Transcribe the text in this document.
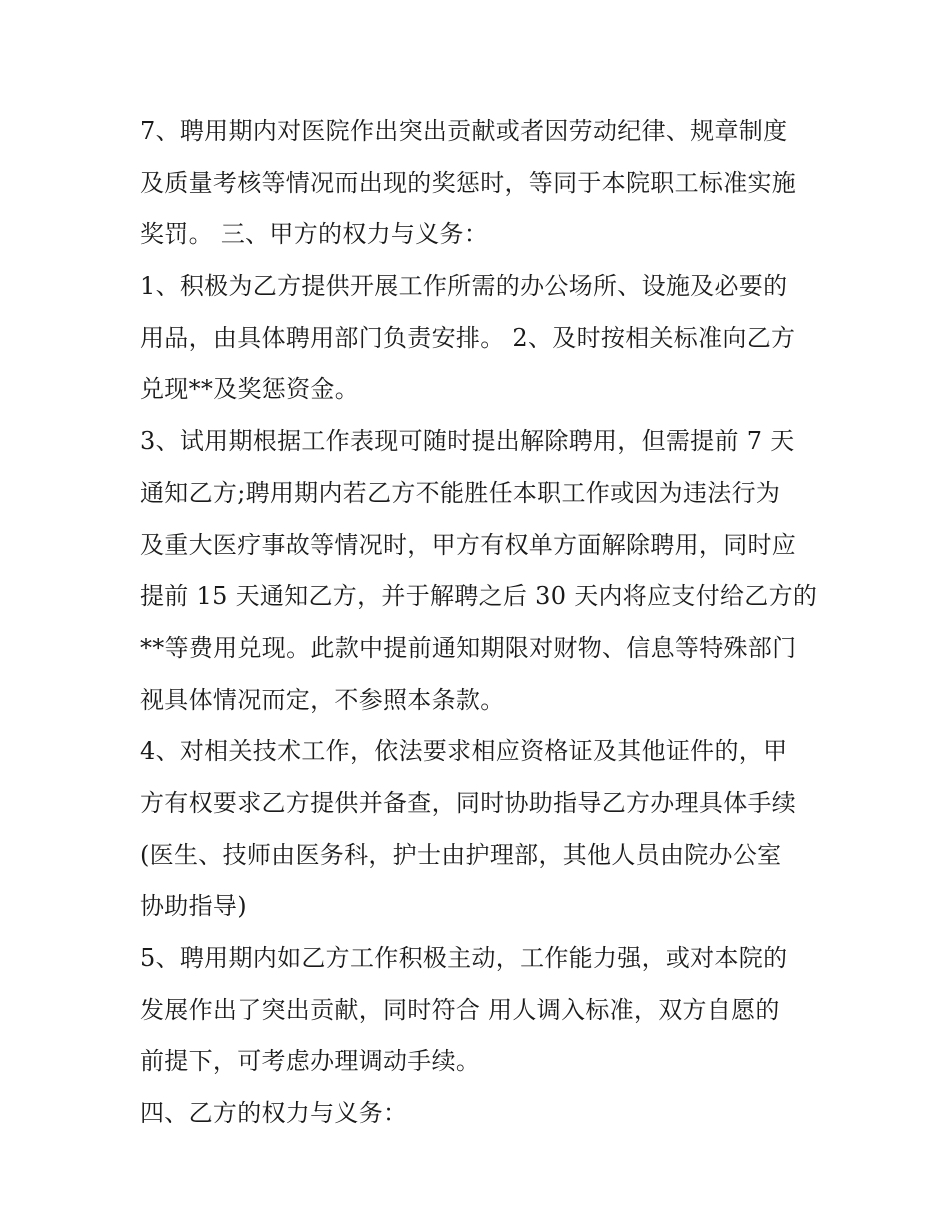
7、聘用期内对医院作出突出贡献或者因劳动纪律、规章制度
及质量考核等情况而出现的奖惩时，等同于本院职工标准实施
奖罚。 三、甲方的权力与义务：
1、积极为乙方提供开展工作所需的办公场所、设施及必要的
用品，由具体聘用部门负责安排。 2、及时按相关标准向乙方
兑现**及奖惩资金。
3、试用期根据工作表现可随时提出解除聘用，但需提前 7 天
通知乙方;聘用期内若乙方不能胜任本职工作或因为违法行为
及重大医疗事故等情况时，甲方有权单方面解除聘用，同时应
提前 15 天通知乙方，并于解聘之后 30 天内将应支付给乙方的
**等费用兑现。此款中提前通知期限对财物、信息等特殊部门
视具体情况而定，不参照本条款。
4、对相关技术工作，依法要求相应资格证及其他证件的，甲
方有权要求乙方提供并备查，同时协助指导乙方办理具体手续
(医生、技师由医务科，护士由护理部，其他人员由院办公室
协助指导)
5、聘用期内如乙方工作积极主动，工作能力强，或对本院的
发展作出了突出贡献，同时符合 用人调入标准，双方自愿的
前提下，可考虑办理调动手续。
四、乙方的权力与义务：
